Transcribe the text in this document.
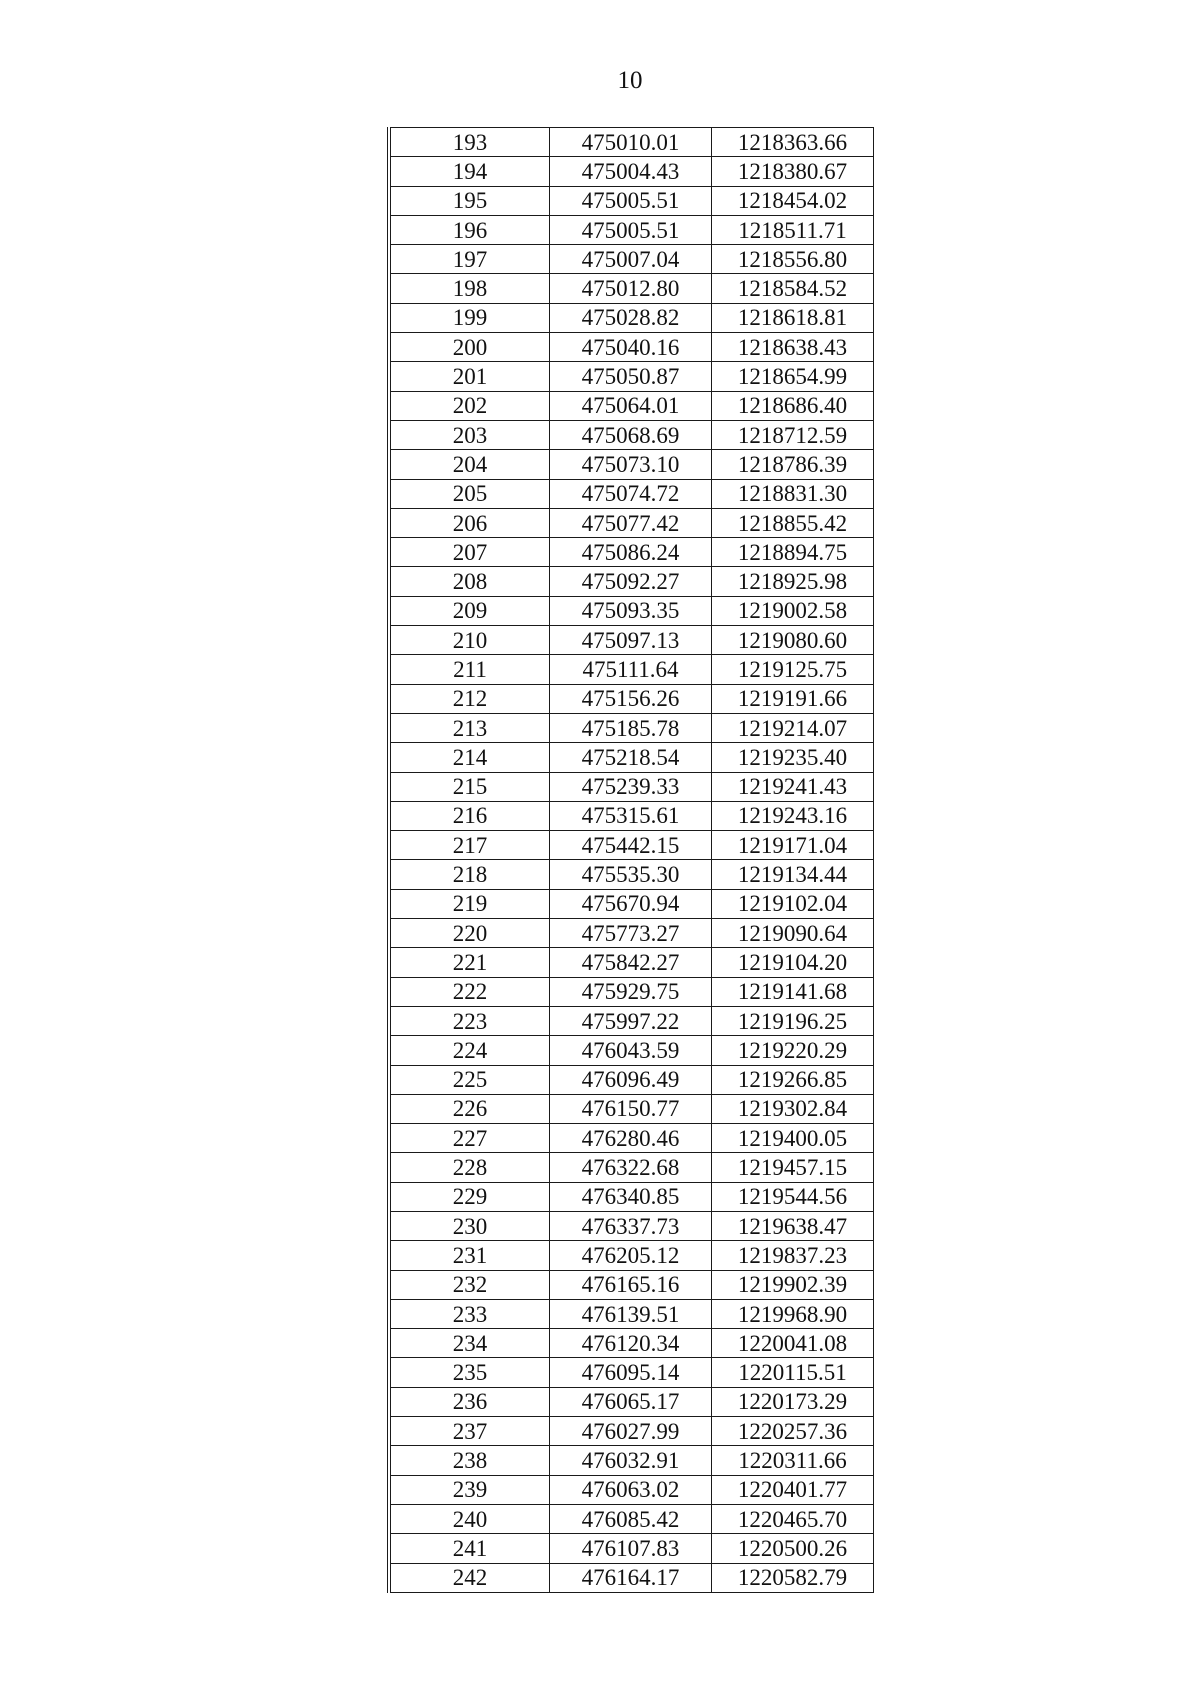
10
193	475010.01	1218363.66
194	475004.43	1218380.67
195	475005.51	1218454.02
196	475005.51	1218511.71
197	475007.04	1218556.80
198	475012.80	1218584.52
199	475028.82	1218618.81
200	475040.16	1218638.43
201	475050.87	1218654.99
202	475064.01	1218686.40
203	475068.69	1218712.59
204	475073.10	1218786.39
205	475074.72	1218831.30
206	475077.42	1218855.42
207	475086.24	1218894.75
208	475092.27	1218925.98
209	475093.35	1219002.58
210	475097.13	1219080.60
211	475111.64	1219125.75
212	475156.26	1219191.66
213	475185.78	1219214.07
214	475218.54	1219235.40
215	475239.33	1219241.43
216	475315.61	1219243.16
217	475442.15	1219171.04
218	475535.30	1219134.44
219	475670.94	1219102.04
220	475773.27	1219090.64
221	475842.27	1219104.20
222	475929.75	1219141.68
223	475997.22	1219196.25
224	476043.59	1219220.29
225	476096.49	1219266.85
226	476150.77	1219302.84
227	476280.46	1219400.05
228	476322.68	1219457.15
229	476340.85	1219544.56
230	476337.73	1219638.47
231	476205.12	1219837.23
232	476165.16	1219902.39
233	476139.51	1219968.90
234	476120.34	1220041.08
235	476095.14	1220115.51
236	476065.17	1220173.29
237	476027.99	1220257.36
238	476032.91	1220311.66
239	476063.02	1220401.77
240	476085.42	1220465.70
241	476107.83	1220500.26
242	476164.17	1220582.79
